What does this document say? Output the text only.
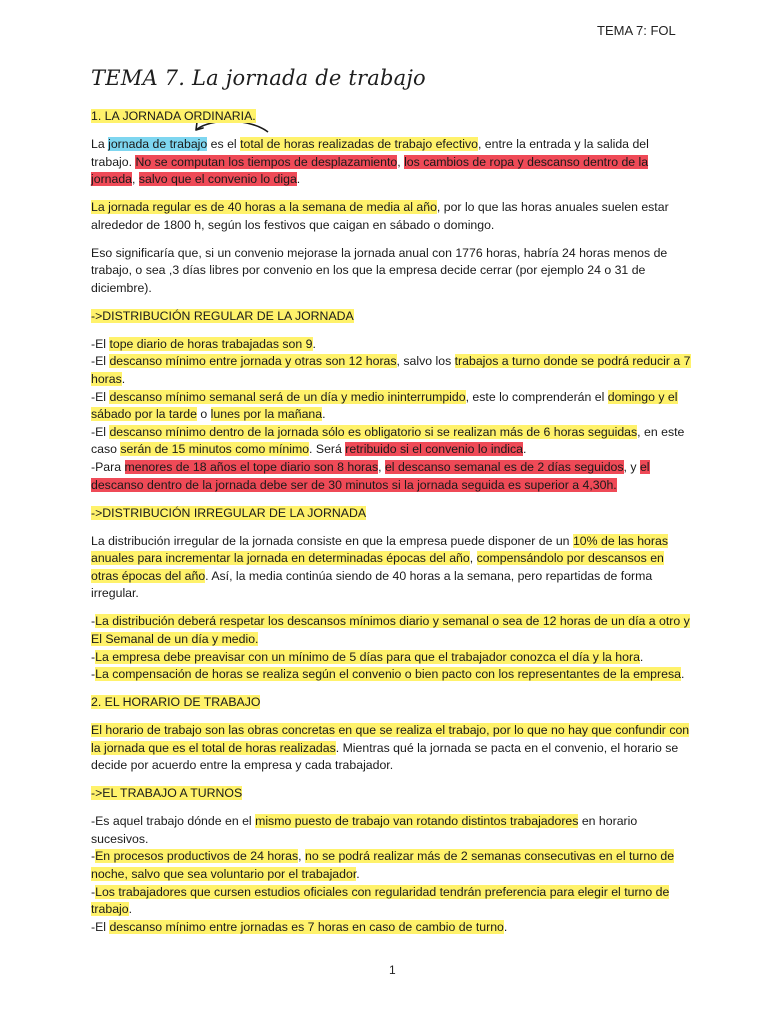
TEMA 7: FOL
TEMA 7. La jornada de trabajo

1. LA JORNADA ORDINARIA.

La jornada de trabajo es el total de horas realizadas de trabajo efectivo, entre la entrada y la salida del trabajo. No se computan los tiempos de desplazamiento, los cambios de ropa y descanso dentro de la jornada, salvo que el convenio lo diga.

La jornada regular es de 40 horas a la semana de media al año, por lo que las horas anuales suelen estar alrededor de 1800 h, según los festivos que caigan en sábado o domingo.

Eso significaría que, si un convenio mejorase la jornada anual con 1776 horas, habría 24 horas menos de trabajo, o sea ,3 días libres por convenio en los que la empresa decide cerrar (por ejemplo 24 o 31 de diciembre).

->DISTRIBUCIÓN REGULAR DE LA JORNADA

-El tope diario de horas trabajadas son 9.
-El descanso mínimo entre jornada y otras son 12 horas, salvo los trabajos a turno donde se podrá reducir a 7 horas.
-El descanso mínimo semanal será de un día y medio ininterrumpido, este lo comprenderán el domingo y el sábado por la tarde o lunes por la mañana.
-El descanso mínimo dentro de la jornada sólo es obligatorio si se realizan más de 6 horas seguidas, en este caso serán de 15 minutos como mínimo. Será retribuido si el convenio lo indica.
-Para menores de 18 años el tope diario son 8 horas, el descanso semanal es de 2 días seguidos, y el descanso dentro de la jornada debe ser de 30 minutos si la jornada seguida es superior a 4,30h.

->DISTRIBUCIÓN IRREGULAR DE LA JORNADA

La distribución irregular de la jornada consiste en que la empresa puede disponer de un 10% de las horas anuales para incrementar la jornada en determinadas épocas del año, compensándolo por descansos en otras épocas del año. Así, la media continúa siendo de 40 horas a la semana, pero repartidas de forma irregular.

-La distribución deberá respetar los descansos mínimos diario y semanal o sea de 12 horas de un día a otro y El Semanal de un día y medio.
-La empresa debe preavisar con un mínimo de 5 días para que el trabajador conozca el día y la hora.
-La compensación de horas se realiza según el convenio o bien pacto con los representantes de la empresa.

2. EL HORARIO DE TRABAJO

El horario de trabajo son las obras concretas en que se realiza el trabajo, por lo que no hay que confundir con la jornada que es el total de horas realizadas. Mientras qué la jornada se pacta en el convenio, el horario se decide por acuerdo entre la empresa y cada trabajador.

->EL TRABAJO A TURNOS

-Es aquel trabajo dónde en el mismo puesto de trabajo van rotando distintos trabajadores en horario sucesivos.
-En procesos productivos de 24 horas, no se podrá realizar más de 2 semanas consecutivas en el turno de noche, salvo que sea voluntario por el trabajador.
-Los trabajadores que cursen estudios oficiales con regularidad tendrán preferencia para elegir el turno de trabajo.
-El descanso mínimo entre jornadas es 7 horas en caso de cambio de turno.

1
